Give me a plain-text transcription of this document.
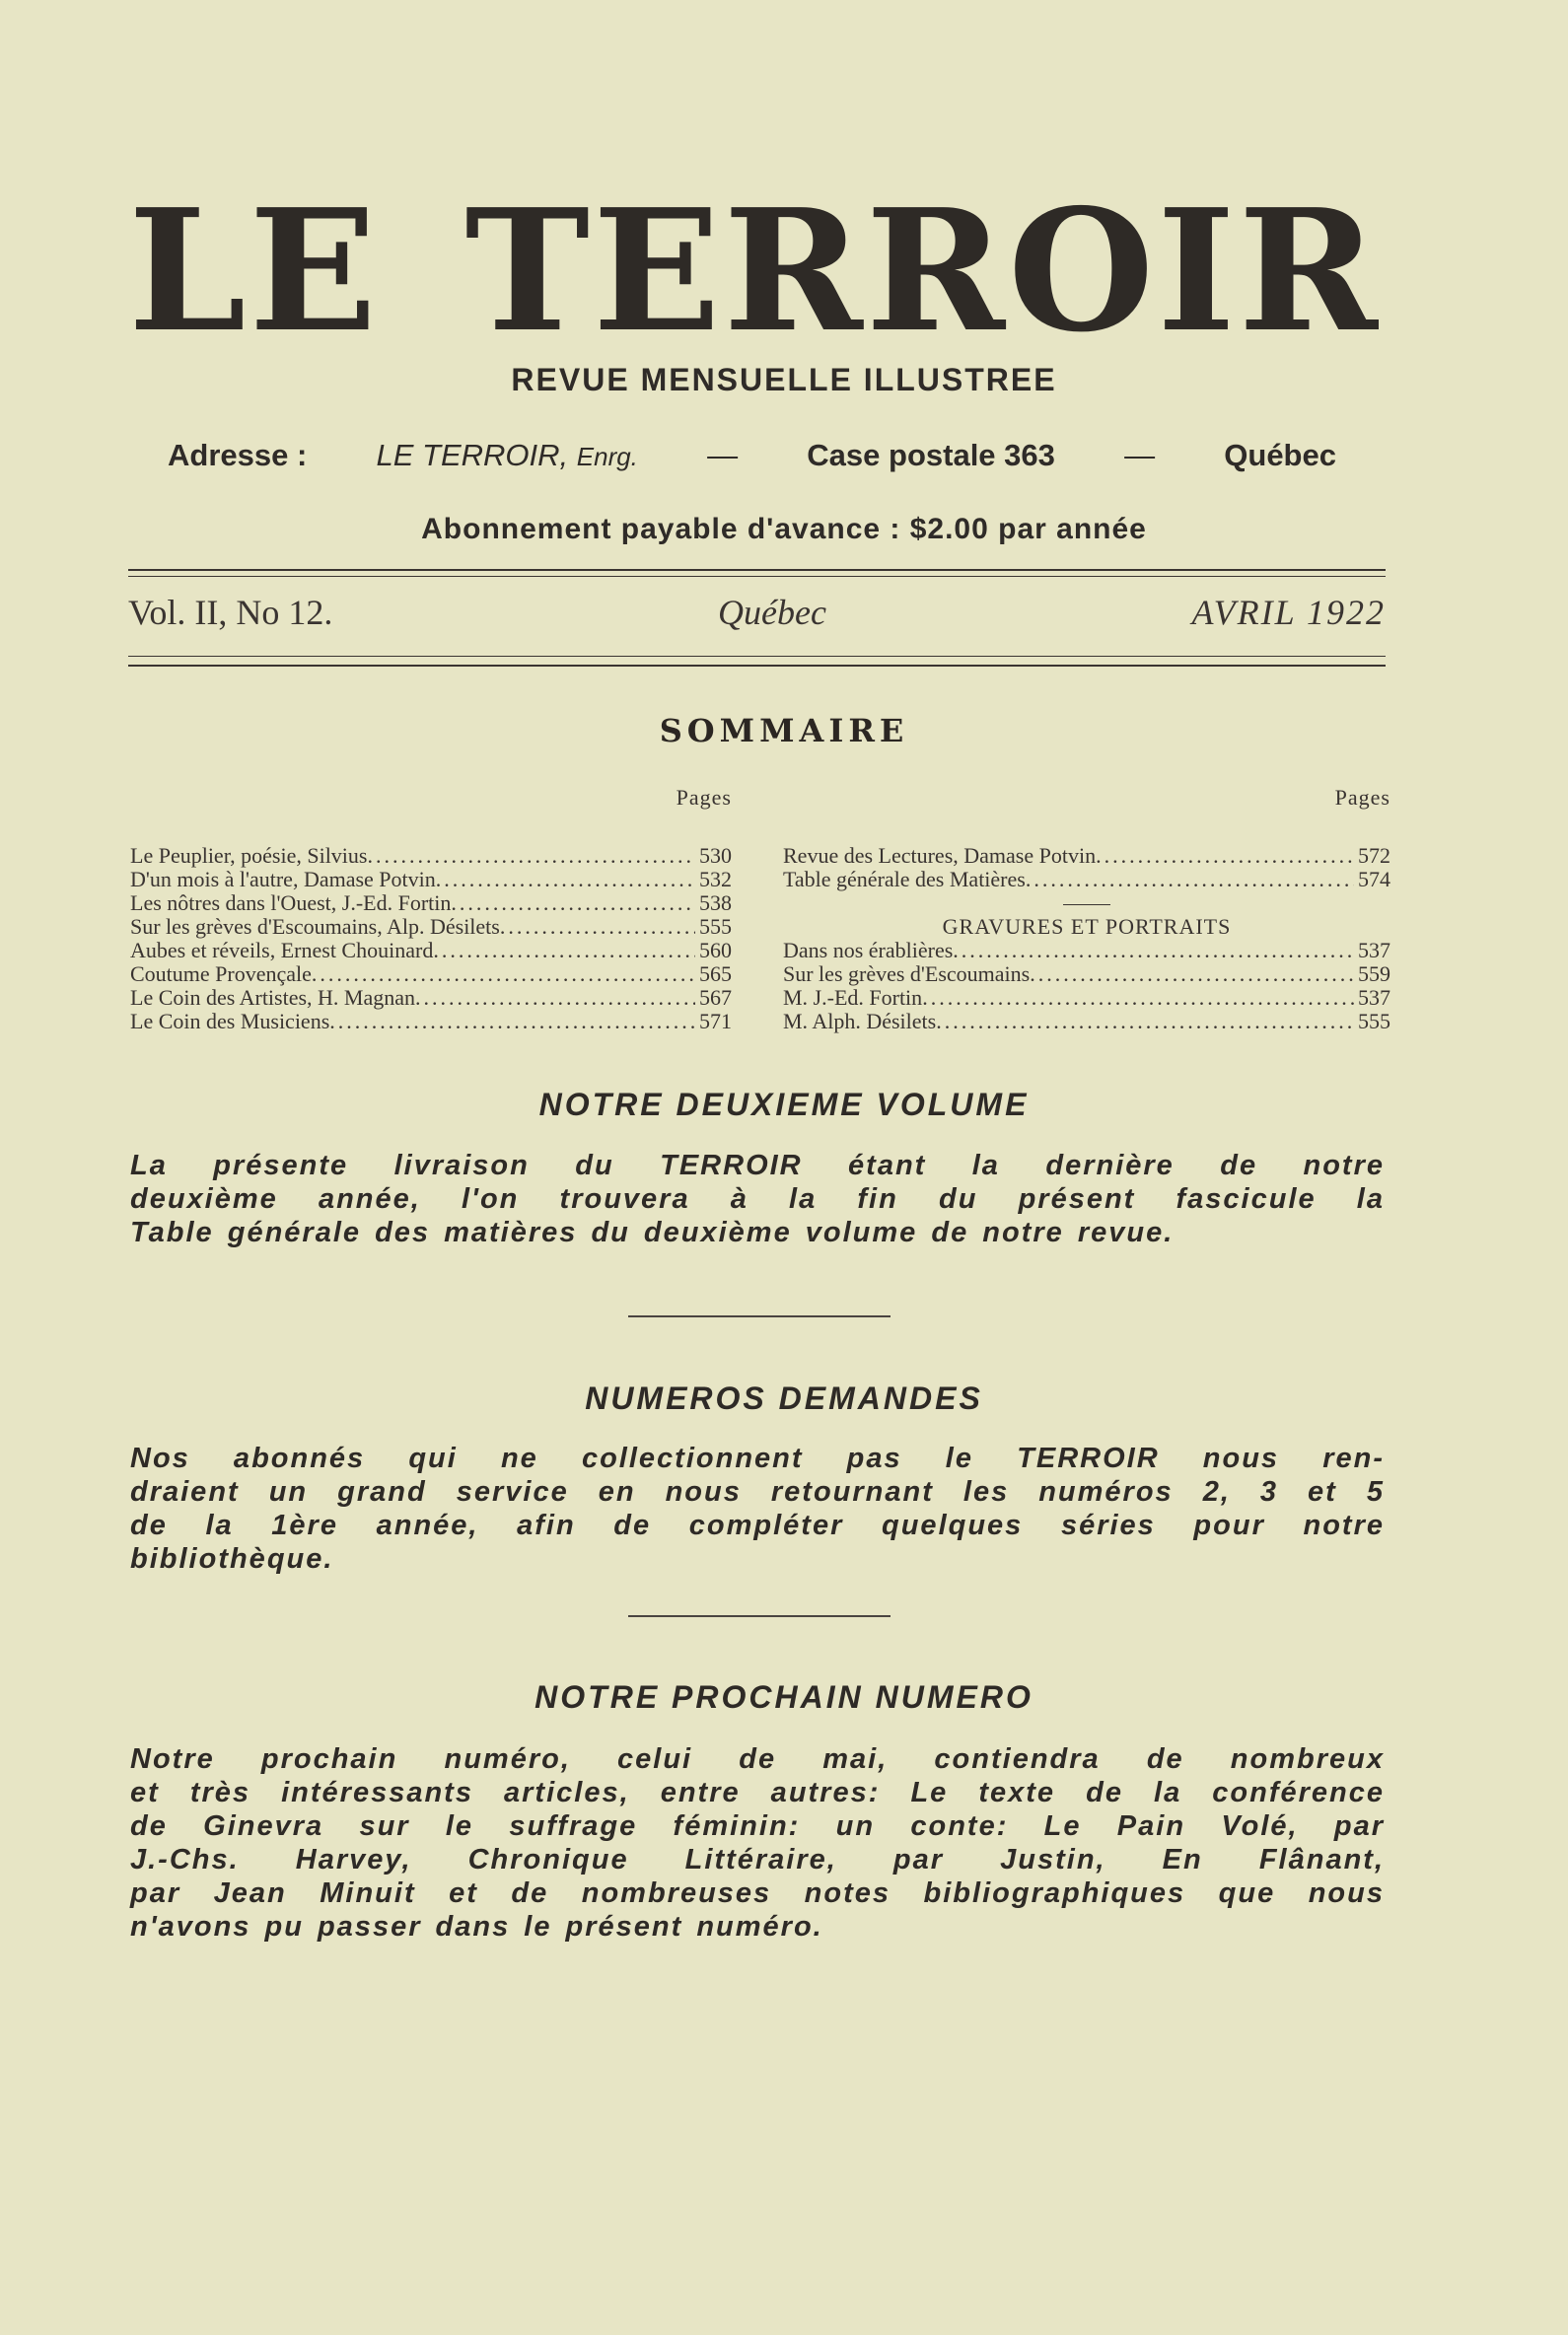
LE TERROIR
REVUE MENSUELLE ILLUSTREE
Adresse : LE TERROIR, Enrg. — Case postale 363 — Québec
Abonnement payable d'avance : $2.00 par année
Vol. II, No 12.	Québec	AVRIL 1922
SOMMAIRE
Pages
Le Peuplier, poésie, Silvius .....	530
D'un mois à l'autre, Damase Potvin .....	532
Les nôtres dans l'Ouest, J.-Ed. Fortin .....	538
Sur les grèves d'Escoumains, Alp. Désilets .....	555
Aubes et réveils, Ernest Chouinard .....	560
Coutume Provençale .....	565
Le Coin des Artistes, H. Magnan .....	567
Le Coin des Musiciens .....	571
Pages
Revue des Lectures, Damase Potvin .....	572
Table générale des Matières .....	574
GRAVURES ET PORTRAITS
Dans nos érablières .....	537
Sur les grèves d'Escoumains .....	559
M. J.-Ed. Fortin .....	537
M. Alph. Désilets .....	555
NOTRE DEUXIEME VOLUME
La présente livraison du TERROIR étant la dernière de notre
deuxième année, l'on trouvera à la fin du présent fascicule la
Table générale des matières du deuxième volume de notre revue.
NUMEROS DEMANDES
Nos abonnés qui ne collectionnent pas le TERROIR nous ren-
draient un grand service en nous retournant les numéros 2, 3 et 5
de la 1ère année, afin de compléter quelques séries pour notre
bibliothèque.
NOTRE PROCHAIN NUMERO
Notre prochain numéro, celui de mai, contiendra de nombreux
et très intéressants articles, entre autres: Le texte de la conférence
de Ginevra sur le suffrage féminin: un conte: Le Pain Volé, par
J.-Chs. Harvey, Chronique Littéraire, par Justin, En Flânant,
par Jean Minuit et de nombreuses notes bibliographiques que nous
n'avons pu passer dans le présent numéro.
